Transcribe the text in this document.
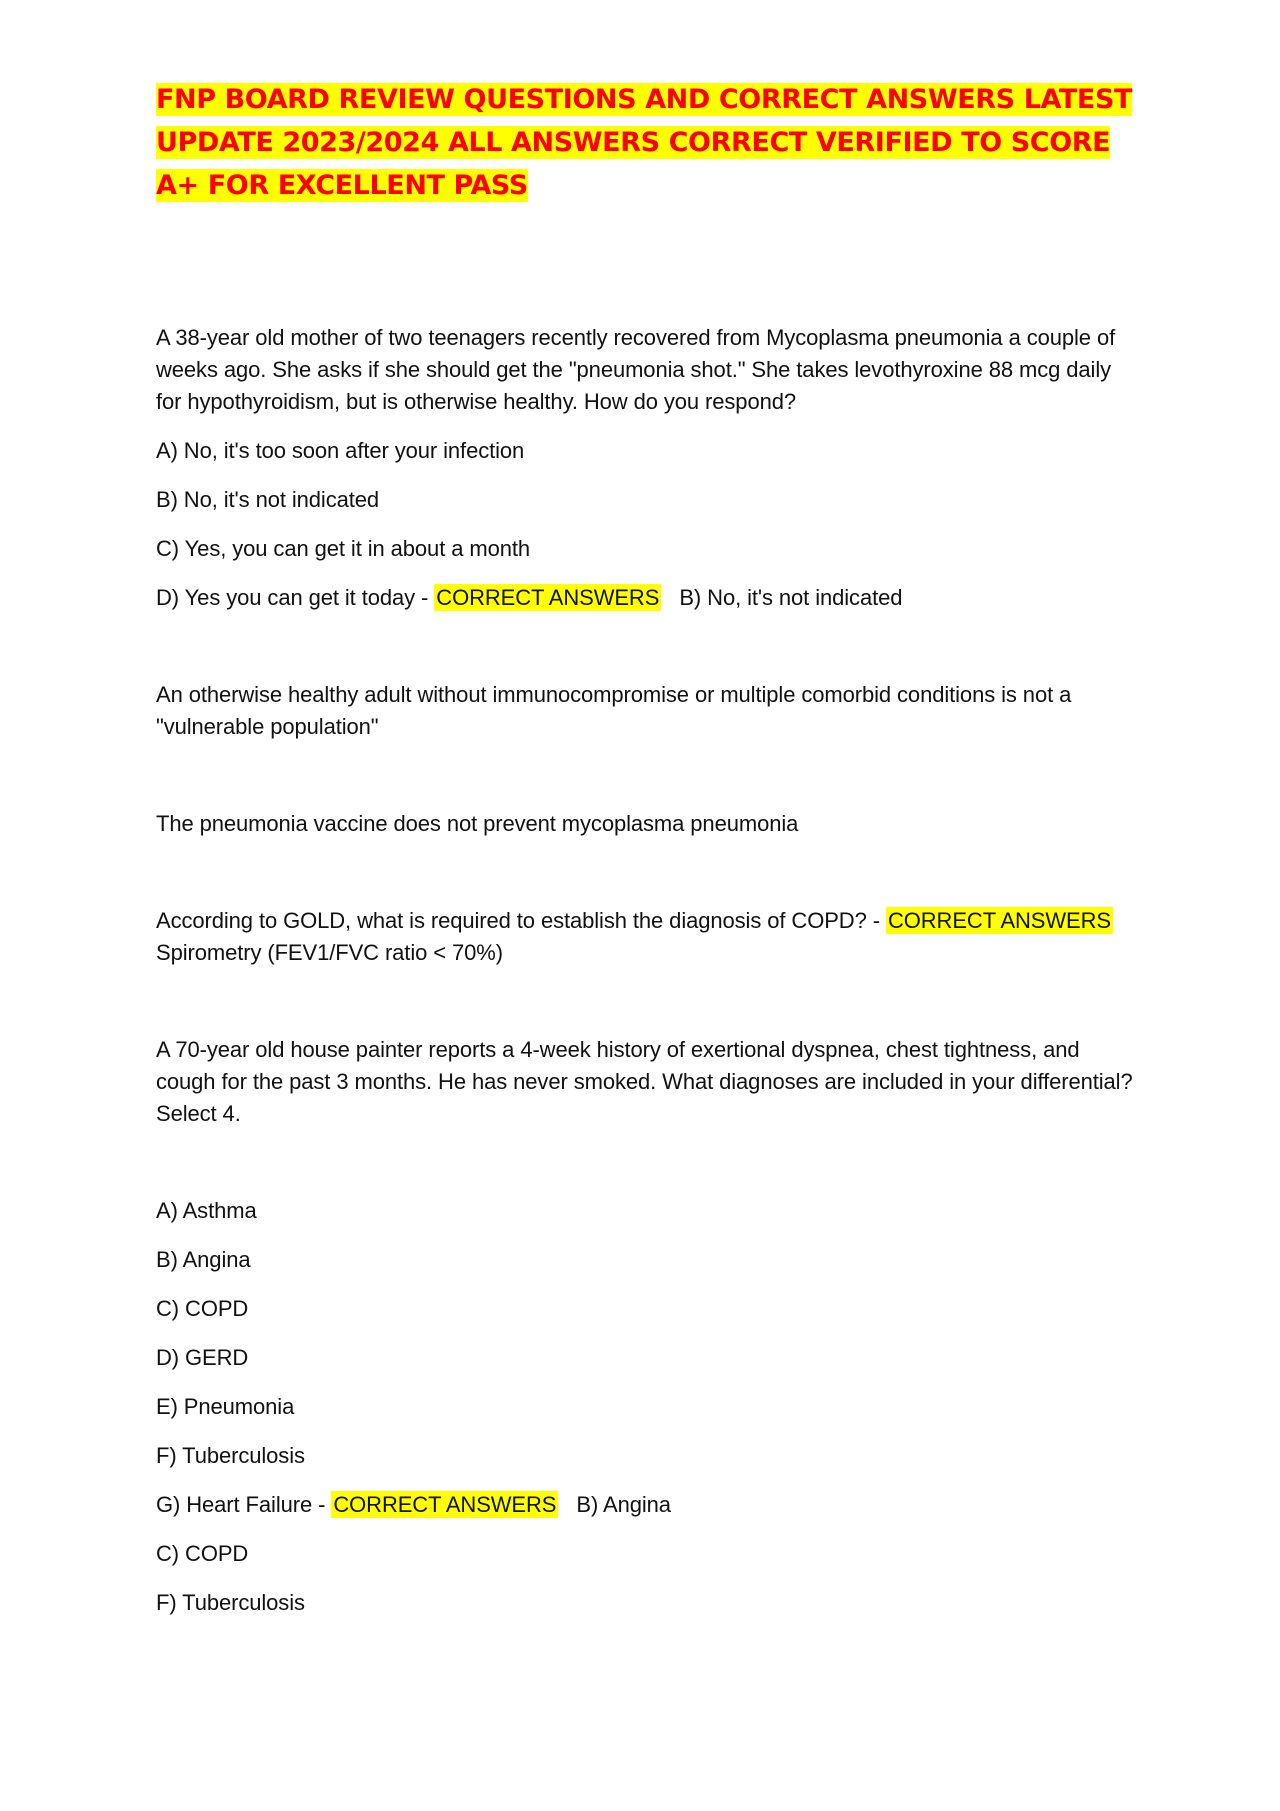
FNP BOARD REVIEW QUESTIONS AND CORRECT ANSWERS LATEST UPDATE 2023/2024 ALL ANSWERS CORRECT VERIFIED TO SCORE A+ FOR EXCELLENT PASS

A 38-year old mother of two teenagers recently recovered from Mycoplasma pneumonia a couple of weeks ago. She asks if she should get the "pneumonia shot." She takes levothyroxine 88 mcg daily for hypothyroidism, but is otherwise healthy. How do you respond?

A) No, it's too soon after your infection

B) No, it's not indicated

C) Yes, you can get it in about a month

D) Yes you can get it today - CORRECT ANSWERS B) No, it's not indicated

An otherwise healthy adult without immunocompromise or multiple comorbid conditions is not a "vulnerable population"

The pneumonia vaccine does not prevent mycoplasma pneumonia

According to GOLD, what is required to establish the diagnosis of COPD? - CORRECT ANSWERS   Spirometry (FEV1/FVC ratio < 70%)

A 70-year old house painter reports a 4-week history of exertional dyspnea, chest tightness, and cough for the past 3 months. He has never smoked. What diagnoses are included in your differential? Select 4.

A) Asthma

B) Angina

C) COPD

D) GERD

E) Pneumonia

F) Tuberculosis

G) Heart Failure - CORRECT ANSWERS B) Angina

C) COPD

F) Tuberculosis
